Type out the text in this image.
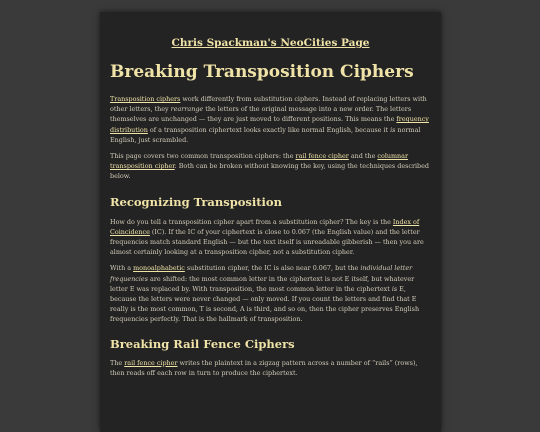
Chris Spackman's NeoCities Page
Breaking Transposition Ciphers

Transposition ciphers work differently from substitution ciphers. Instead of replacing letters with other letters, they rearrange the letters of the original message into a new order. The letters themselves are unchanged — they are just moved to different positions. This means the frequency distribution of a transposition ciphertext looks exactly like normal English, because it is normal English, just scrambled.

This page covers two common transposition ciphers: the rail fence cipher and the columnar transposition cipher. Both can be broken without knowing the key, using the techniques described below.

Recognizing Transposition

How do you tell a transposition cipher apart from a substitution cipher? The key is the Index of Coincidence (IC). If the IC of your ciphertext is close to 0.067 (the English value) and the letter frequencies match standard English — but the text itself is unreadable gibberish — then you are almost certainly looking at a transposition cipher, not a substitution cipher.

With a monoalphabetic substitution cipher, the IC is also near 0.067, but the individual letter frequencies are shifted: the most common letter in the ciphertext is not E itself, but whatever letter E was replaced by. With transposition, the most common letter in the ciphertext is E, because the letters were never changed — only moved. If you count the letters and find that E really is the most common, T is second, A is third, and so on, then the cipher preserves English frequencies perfectly. That is the hallmark of transposition.

Breaking Rail Fence Ciphers

The rail fence cipher writes the plaintext in a zigzag pattern across a number of “rails” (rows), then reads off each row in turn to produce the ciphertext.
